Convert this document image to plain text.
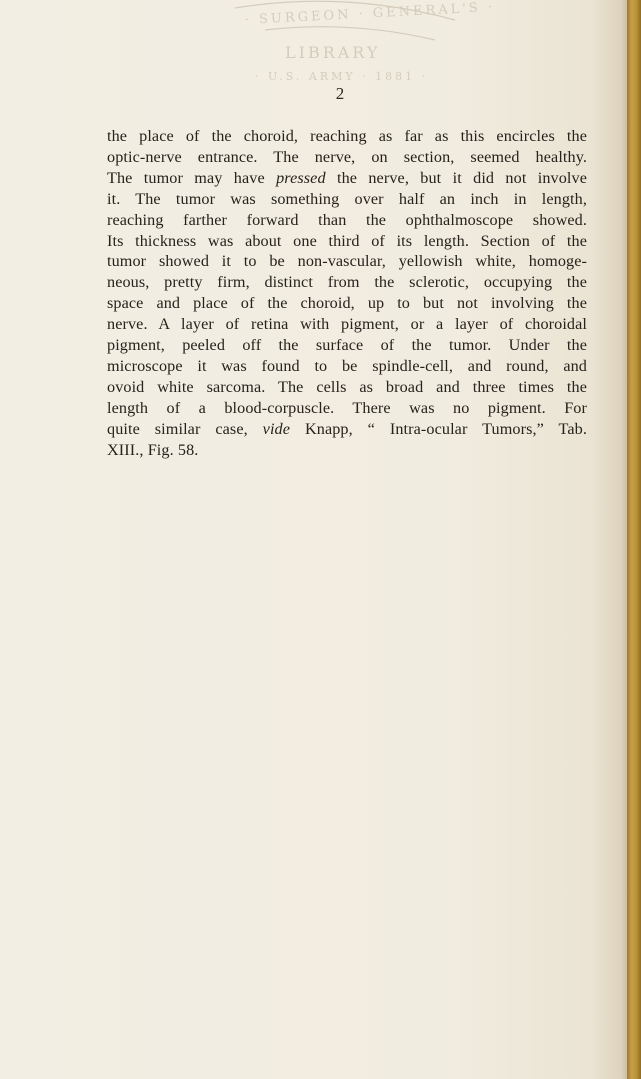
· SURGEON · GENERAL'S ·
LIBRARY
· U.S. ARMY · 1881 ·
2
the place of the choroid, reaching as far as this encircles the
optic-nerve entrance. The nerve, on section, seemed healthy.
The tumor may have pressed the nerve, but it did not involve
it. The tumor was something over half an inch in length,
reaching farther forward than the ophthalmoscope showed.
Its thickness was about one third of its length. Section of the
tumor showed it to be non-vascular, yellowish white, homoge-
neous, pretty firm, distinct from the sclerotic, occupying the
space and place of the choroid, up to but not involving the
nerve. A layer of retina with pigment, or a layer of choroidal
pigment, peeled off the surface of the tumor. Under the
microscope it was found to be spindle-cell, and round, and
ovoid white sarcoma. The cells as broad and three times the
length of a blood-corpuscle. There was no pigment. For
quite similar case, vide Knapp, “ Intra-ocular Tumors,” Tab.
XIII., Fig. 58.
